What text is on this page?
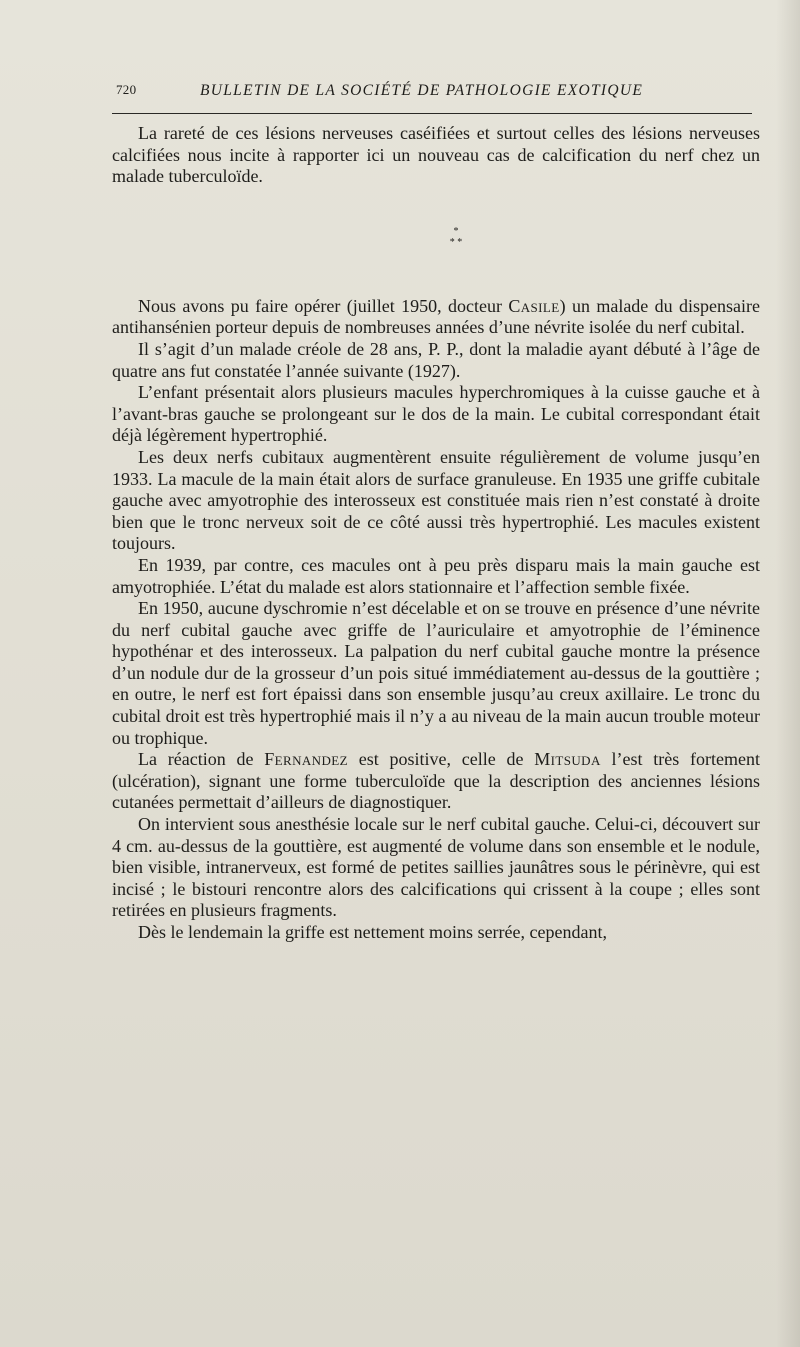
720	BULLETIN DE LA SOCIÉTÉ DE PATHOLOGIE EXOTIQUE

La rareté de ces lésions nerveuses caséifiées et surtout celles des lésions nerveuses calcifiées nous incite à rapporter ici un nouveau cas de calcification du nerf chez un malade tuberculoïde.

*
* *

Nous avons pu faire opérer (juillet 1950, docteur Casile) un malade du dispensaire antihansénien porteur depuis de nombreuses années d’une névrite isolée du nerf cubital.

Il s’agit d’un malade créole de 28 ans, P. P., dont la maladie ayant débuté à l’âge de quatre ans fut constatée l’année suivante (1927).

L’enfant présentait alors plusieurs macules hyperchromiques à la cuisse gauche et à l’avant-bras gauche se prolongeant sur le dos de la main. Le cubital correspondant était déjà légèrement hypertrophié.

Les deux nerfs cubitaux augmentèrent ensuite régulièrement de volume jusqu’en 1933. La macule de la main était alors de surface granuleuse. En 1935 une griffe cubitale gauche avec amyotrophie des interosseux est constituée mais rien n’est constaté à droite bien que le tronc nerveux soit de ce côté aussi très hypertrophié. Les macules existent toujours.

En 1939, par contre, ces macules ont à peu près disparu mais la main gauche est amyotrophiée. L’état du malade est alors stationnaire et l’affection semble fixée.

En 1950, aucune dyschromie n’est décelable et on se trouve en présence d’une névrite du nerf cubital gauche avec griffe de l’auriculaire et amyotrophie de l’éminence hypothénar et des interosseux. La palpation du nerf cubital gauche montre la présence d’un nodule dur de la grosseur d’un pois situé immédiatement au-dessus de la gouttière ; en outre, le nerf est fort épaissi dans son ensemble jusqu’au creux axillaire. Le tronc du cubital droit est très hypertrophié mais il n’y a au niveau de la main aucun trouble moteur ou trophique.

La réaction de Fernandez est positive, celle de Mitsuda l’est très fortement (ulcération), signant une forme tuberculoïde que la description des anciennes lésions cutanées permettait d’ailleurs de diagnostiquer.

On intervient sous anesthésie locale sur le nerf cubital gauche. Celui-ci, découvert sur 4 cm. au-dessus de la gouttière, est augmenté de volume dans son ensemble et le nodule, bien visible, intranerveux, est formé de petites saillies jaunâtres sous le périnèvre, qui est incisé ; le bistouri rencontre alors des calcifications qui crissent à la coupe ; elles sont retirées en plusieurs fragments.

Dès le lendemain la griffe est nettement moins serrée, cependant,
